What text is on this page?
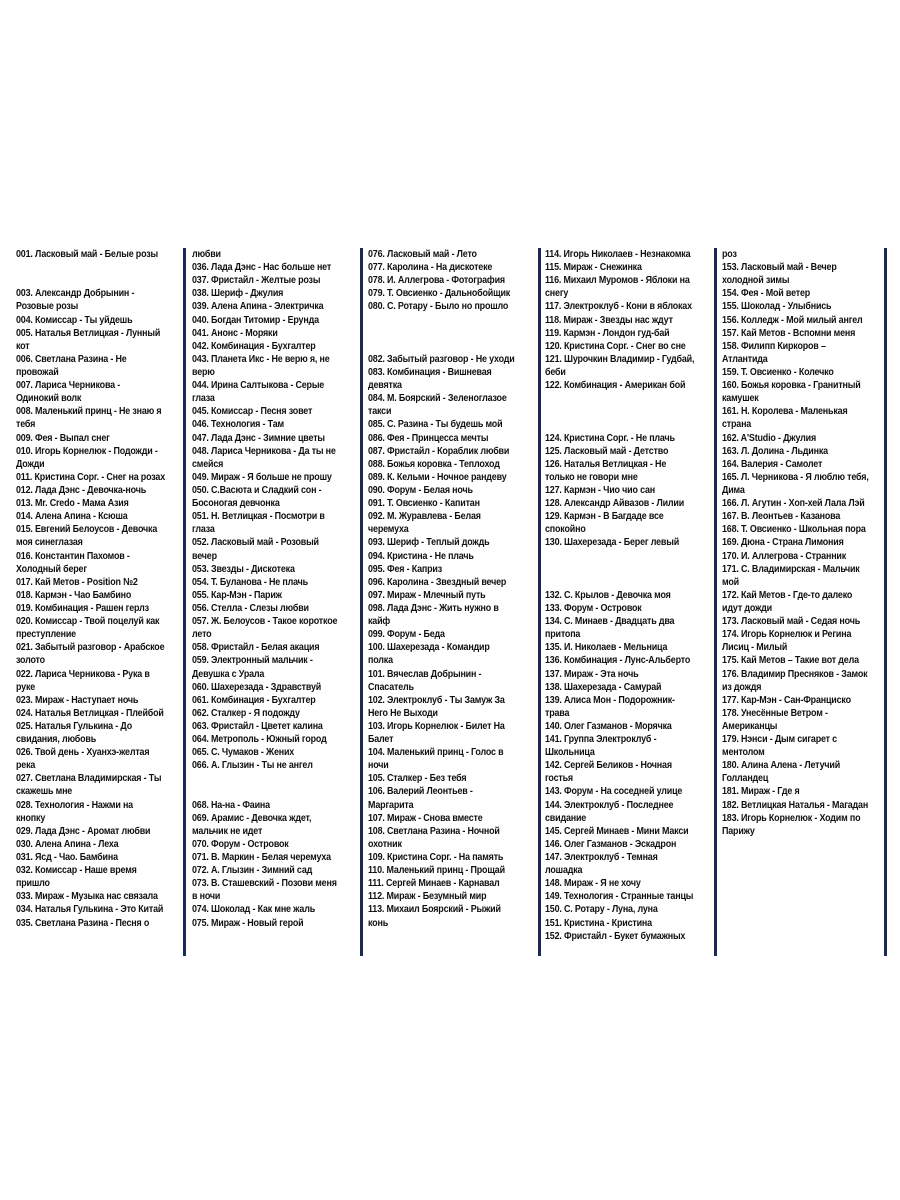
001. Ласковый май - Белые розы
003. Александр Добрынин -
Розовые розы
004. Комиссар - Ты уйдешь
005. Наталья Ветлицкая - Лунный
кот
006. Светлана Разина - Не
провожай
007. Лариса Черникова -
Одинокий волк
008. Маленький принц - Не знаю я
тебя
009. Фея - Выпал снег
010. Игорь Корнелюк - Подожди -
Дожди
011. Кристина Сорг. - Снег на розах
012. Лада Дэнс - Девочка-ночь
013. Mr. Credo - Мама Азия
014. Алена Апина - Ксюша
015. Евгений Белоусов - Девочка
моя синеглазая
016. Константин Пахомов -
Холодный берег
017. Кай Метов - Position №2
018. Кармэн - Чао Бамбино
019. Комбинация - Рашен герлз
020. Комиссар - Твой поцелуй как
преступление
021. Забытый разговор - Арабское
золото
022. Лариса Черникова - Рука в
руке
023. Мираж - Наступает ночь
024. Наталья Ветлицкая - Плейбой
025. Наталья Гулькина - До
свидания, любовь
026. Твой день - Хуанхэ-желтая
река
027. Светлана Владимирская - Ты
скажешь мне
028. Технология - Нажми на
кнопку
029. Лада Дэнс - Аромат любви
030. Алена Апина - Леха
031. Ясд - Чао. Бамбина
032. Комиссар - Наше время
пришло
033. Мираж - Музыка нас связала
034. Наталья Гулькина - Это Китай
035. Светлана Разина - Песня о
любви
036. Лада Дэнс - Нас больше нет
037. Фристайл - Желтые розы
038. Шериф - Джулия
039. Алена Апина - Электричка
040. Богдан Титомир - Ерунда
041. Анонс - Моряки
042. Комбинация - Бухгалтер
043. Планета Икс - Не верю я, не
верю
044. Ирина Салтыкова - Серые
глаза
045. Комиссар - Песня зовет
046. Технология - Там
047. Лада Дэнс - Зимние цветы
048. Лариса Черникова - Да ты не
смейся
049. Мираж - Я больше не прошу
050. С.Васюта и Сладкий сон -
Босоногая девчонка
051. Н. Ветлицкая - Посмотри в
глаза
052. Ласковый май - Розовый
вечер
053. Звезды - Дискотека
054. Т. Буланова - Не плачь
055. Кар-Мэн - Париж
056. Стелла - Слезы любви
057. Ж. Белоусов - Такое короткое
лето
058. Фристайл - Белая акация
059. Электронный мальчик -
Девушка с Урала
060. Шахерезада - Здравствуй
061. Комбинация - Бухгалтер
062. Сталкер - Я подожду
063. Фристайл - Цветет калина
064. Метрополь - Южный город
065. С. Чумаков - Жених
066. А. Глызин - Ты не ангел
068. На-на - Фаина
069. Арамис - Девочка ждет,
мальчик не идет
070. Форум - Островок
071. В. Маркин - Белая черемуха
072. А. Глызин - Зимний сад
073. В. Сташевский - Позови меня
в ночи
074. Шоколад - Как мне жаль
075. Мираж - Новый герой
076. Ласковый май - Лето
077. Каролина - На дискотеке
078. И. Аллегрова - Фотография
079. Т. Овсиенко - Дальнобойщик
080. С. Ротару - Было но прошло
082. Забытый разговор - Не уходи
083. Комбинация - Вишневая
девятка
084. М. Боярский - Зеленоглазое
такси
085. С. Разина - Ты будешь мой
086. Фея - Принцесса мечты
087. Фристайл - Кораблик любви
088. Божья коровка - Теплоход
089. К. Кельми - Ночное рандеву
090. Форум - Белая ночь
091. Т. Овсиенко - Капитан
092. М. Журавлева - Белая
черемуха
093. Шериф - Теплый дождь
094. Кристина - Не плачь
095. Фея - Каприз
096. Каролина - Звездный вечер
097. Мираж - Млечный путь
098. Лада Дэнс - Жить нужно в
кайф
099. Форум - Беда
100. Шахерезада - Командир
полка
101. Вячеслав Добрынин -
Спасатель
102. Электроклуб - Ты Замуж За
Него Не Выходи
103. Игорь Корнелюк - Билет На
Балет
104. Маленький принц - Голос в
ночи
105. Сталкер - Без тебя
106. Валерий Леонтьев -
Маргарита
107. Мираж - Снова вместе
108. Светлана Разина - Ночной
охотник
109. Кристина Сорг. - На память
110. Маленький принц - Прощай
111. Сергей Минаев - Карнавал
112. Мираж - Безумный мир
113. Михаил Боярский - Рыжий
конь
114. Игорь Николаев - Незнакомка
115. Мираж - Снежинка
116. Михаил Муромов - Яблоки на
снегу
117. Электроклуб - Кони в яблоках
118. Мираж - Звезды нас ждут
119. Кармэн - Лондон гуд-бай
120. Кристина Сорг. - Снег во сне
121. Шурочкин Владимир - Гудбай,
беби
122. Комбинация - Американ бой
124. Кристина Сорг. - Не плачь
125. Ласковый май - Детство
126. Наталья Ветлицкая - Не
только не говори мне
127. Кармэн - Чио чио сан
128. Александр Айвазов - Лилии
129. Кармэн - В Багдаде все
спокойно
130. Шахерезада - Берег левый
132. С. Крылов - Девочка моя
133. Форум - Островок
134. С. Минаев - Двадцать два
притопа
135. И. Николаев - Мельница
136. Комбинация - Лунс-Альберто
137. Мираж - Эта ночь
138. Шахерезада - Самурай
139. Алиса Мон - Подорожник-
трава
140. Олег Газманов - Морячка
141. Группа Электроклуб -
Школьница
142. Сергей Беликов - Ночная
гостья
143. Форум - На соседней улице
144. Электроклуб - Последнее
свидание
145. Сергей Минаев - Мини Макси
146. Олег Газманов - Эскадрон
147. Электроклуб - Темная
лошадка
148. Мираж - Я не хочу
149. Технология - Странные танцы
150. С. Ротару - Луна, луна
151. Кристина - Кристина
152. Фристайл - Букет бумажных
роз
153. Ласковый май - Вечер
холодной зимы
154. Фея - Мой ветер
155. Шоколад - Улыбнись
156. Колледж - Мой милый ангел
157. Кай Метов - Вспомни меня
158. Филипп Киркоров –
Атлантида
159. Т. Овсиенко - Колечко
160. Божья коровка - Гранитный
камушек
161. Н. Королева - Маленькая
страна
162. A'Studio - Джулия
163. Л. Долина - Льдинка
164. Валерия - Самолет
165. Л. Черникова - Я люблю тебя,
Дима
166. Л. Агутин - Хоп-хей Лала Лэй
167. В. Леонтьев - Казанова
168. Т. Овсиенко - Школьная пора
169. Дюна - Страна Лимония
170. И. Аллегрова - Странник
171. С. Владимирская - Мальчик
мой
172. Кай Метов - Где-то далеко
идут дожди
173. Ласковый май - Седая ночь
174. Игорь Корнелюк и Регина
Лисиц - Милый
175. Кай Метов – Такие вот дела
176. Владимир Пресняков - Замок
из дождя
177. Кар-Мэн - Сан-Франциско
178. Унесённые Ветром -
Американцы
179. Нэнси - Дым сигарет с
ментолом
180. Алина Алена - Летучий
Голландец
181. Мираж - Где я
182. Ветлицкая Наталья - Магадан
183. Игорь Корнелюк - Ходим по
Парижу
